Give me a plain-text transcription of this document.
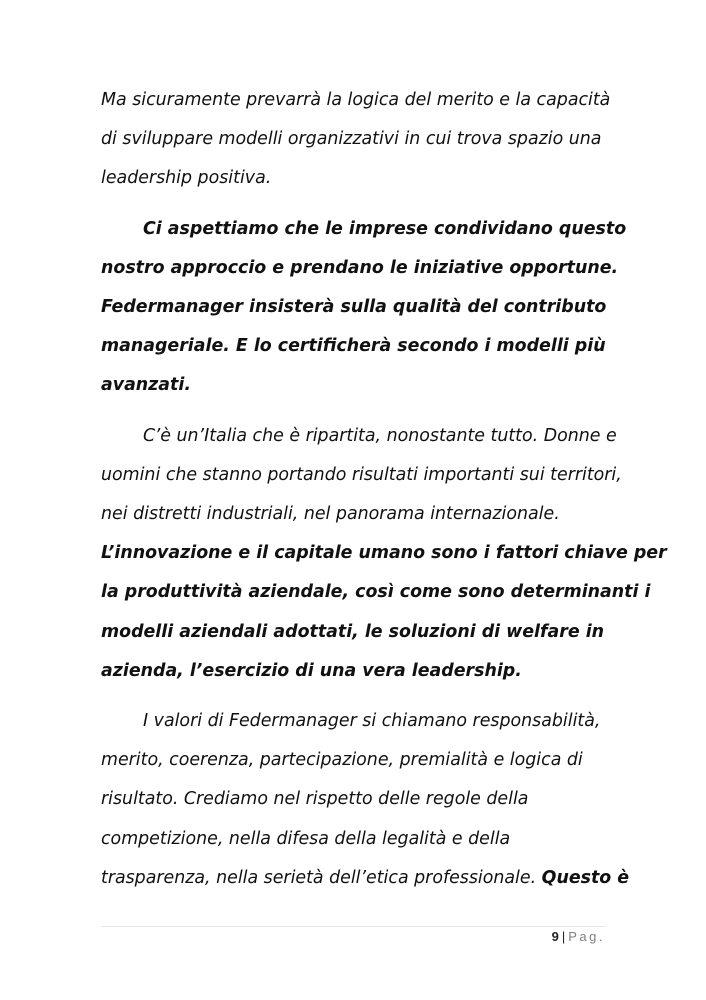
Ma sicuramente prevarrà la logica del merito e la capacità
di sviluppare modelli organizzativi in cui trova spazio una
leadership positiva.
Ci aspettiamo che le imprese condividano questo
nostro approccio e prendano le iniziative opportune.
Federmanager insisterà sulla qualità del contributo
manageriale. E lo certificherà secondo i modelli più
avanzati.
C’è un’Italia che è ripartita, nonostante tutto. Donne e
uomini che stanno portando risultati importanti sui territori,
nei distretti industriali, nel panorama internazionale.
L’innovazione e il capitale umano sono i fattori chiave per
la produttività aziendale, così come sono determinanti i
modelli aziendali adottati, le soluzioni di welfare in
azienda, l’esercizio di una vera leadership.
I valori di Federmanager si chiamano responsabilità,
merito, coerenza, partecipazione, premialità e logica di
risultato. Crediamo nel rispetto delle regole della
competizione, nella difesa della legalità e della
trasparenza, nella serietà dell’etica professionale. Questo è
9 | Pag.
